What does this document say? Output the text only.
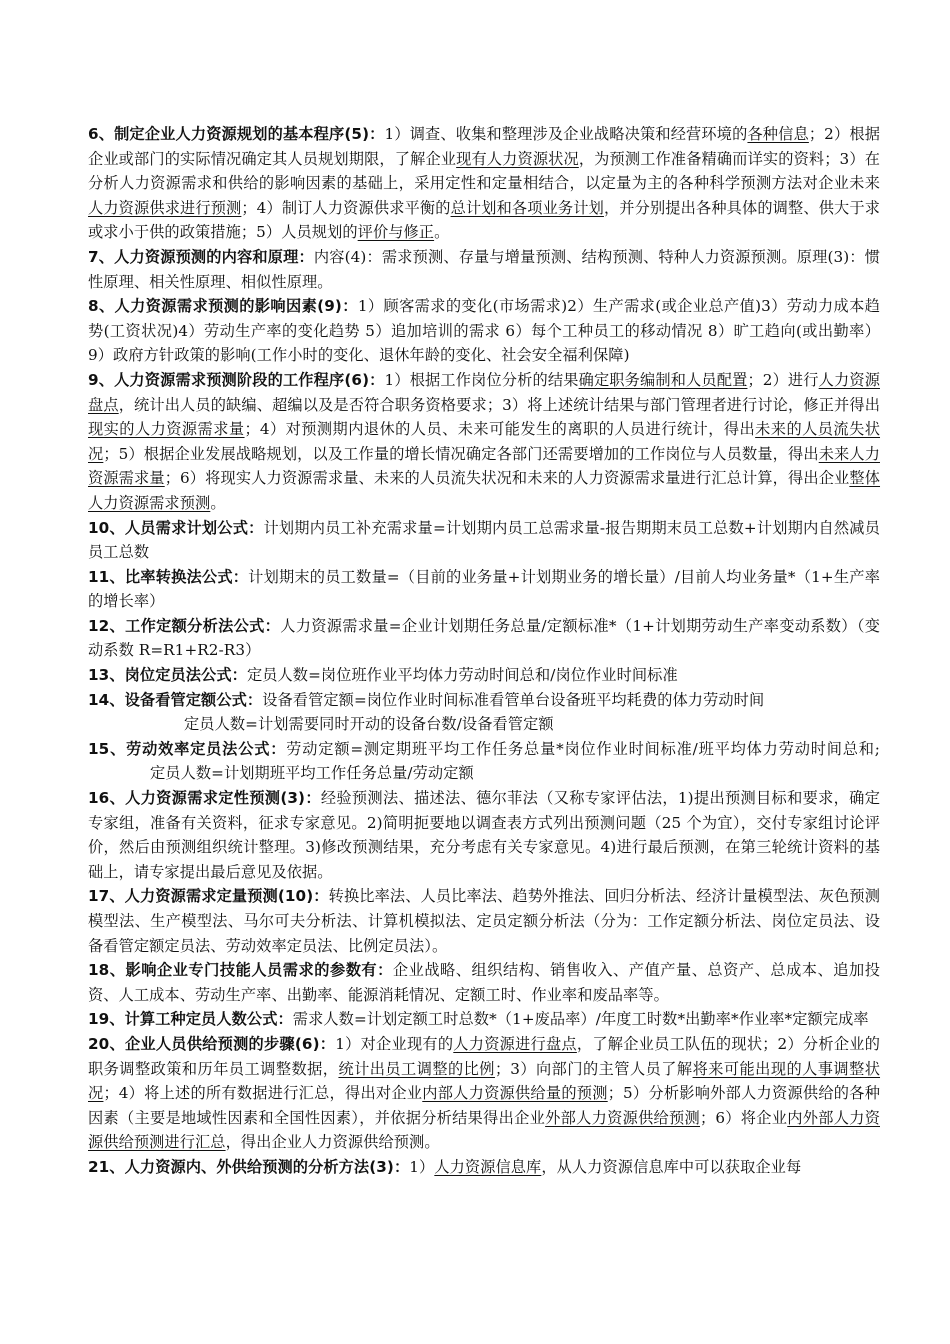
6、制定企业人力资源规划的基本程序(5)：1）调查、收集和整理涉及企业战略决策和经营环境的各种信息；2）根据企业或部门的实际情况确定其人员规划期限，了解企业现有人力资源状况，为预测工作准备精确而详实的资料；3）在分析人力资源需求和供给的影响因素的基础上，采用定性和定量相结合，以定量为主的各种科学预测方法对企业未来人力资源供求进行预测；4）制订人力资源供求平衡的总计划和各项业务计划，并分别提出各种具体的调整、供大于求或求小于供的政策措施；5）人员规划的评价与修正。

7、人力资源预测的内容和原理：内容(4)：需求预测、存量与增量预测、结构预测、特种人力资源预测。原理(3)：惯性原理、相关性原理、相似性原理。

8、人力资源需求预测的影响因素(9)：1）顾客需求的变化(市场需求)2）生产需求(或企业总产值)3）劳动力成本趋势(工资状况)4）劳动生产率的变化趋势 5）追加培训的需求 6）每个工种员工的移动情况 8）旷工趋向(或出勤率）9）政府方针政策的影响(工作小时的变化、退休年龄的变化、社会安全福利保障)

9、人力资源需求预测阶段的工作程序(6)：1）根据工作岗位分析的结果确定职务编制和人员配置；2）进行人力资源盘点，统计出人员的缺编、超编以及是否符合职务资格要求；3）将上述统计结果与部门管理者进行讨论，修正并得出现实的人力资源需求量；4）对预测期内退休的人员、未来可能发生的离职的人员进行统计，得出未来的人员流失状况；5）根据企业发展战略规划，以及工作量的增长情况确定各部门还需要增加的工作岗位与人员数量，得出未来人力资源需求量；6）将现实人力资源需求量、未来的人员流失状况和未来的人力资源需求量进行汇总计算，得出企业整体人力资源需求预测。

10、人员需求计划公式：计划期内员工补充需求量=计划期内员工总需求量-报告期期末员工总数+计划期内自然减员员工总数

11、比率转换法公式：计划期末的员工数量=（目前的业务量+计划期业务的增长量）/目前人均业务量*（1+生产率的增长率）

12、工作定额分析法公式：人力资源需求量=企业计划期任务总量/定额标准*（1+计划期劳动生产率变动系数）（变动系数 R=R1+R2-R3）

13、岗位定员法公式：定员人数=岗位班作业平均体力劳动时间总和/岗位作业时间标准

14、设备看管定额公式：设备看管定额=岗位作业时间标准看管单台设备班平均耗费的体力劳动时间
定员人数=计划需要同时开动的设备台数/设备看管定额

15、劳动效率定员法公式：劳动定额=测定期班平均工作任务总量*岗位作业时间标准/班平均体力劳动时间总和;定员人数=计划期班平均工作任务总量/劳动定额

16、人力资源需求定性预测(3)：经验预测法、描述法、德尔菲法（又称专家评估法，1)提出预测目标和要求，确定专家组，准备有关资料，征求专家意见。2)简明扼要地以调查表方式列出预测问题（25 个为宜），交付专家组讨论评价，然后由预测组织统计整理。3)修改预测结果，充分考虑有关专家意见。4)进行最后预测，在第三轮统计资料的基础上，请专家提出最后意见及依据。

17、人力资源需求定量预测(10)：转换比率法、人员比率法、趋势外推法、回归分析法、经济计量模型法、灰色预测模型法、生产模型法、马尔可夫分析法、计算机模拟法、定员定额分析法（分为：工作定额分析法、岗位定员法、设备看管定额定员法、劳动效率定员法、比例定员法）。

18、影响企业专门技能人员需求的参数有：企业战略、组织结构、销售收入、产值产量、总资产、总成本、追加投资、人工成本、劳动生产率、出勤率、能源消耗情况、定额工时、作业率和废品率等。

19、计算工种定员人数公式：需求人数=计划定额工时总数*（1+废品率）/年度工时数*出勤率*作业率*定额完成率

20、企业人员供给预测的步骤(6)：1）对企业现有的人力资源进行盘点，了解企业员工队伍的现状；2）分析企业的职务调整政策和历年员工调整数据，统计出员工调整的比例；3）向部门的主管人员了解将来可能出现的人事调整状况；4）将上述的所有数据进行汇总，得出对企业内部人力资源供给量的预测；5）分析影响外部人力资源供给的各种因素（主要是地域性因素和全国性因素），并依据分析结果得出企业外部人力资源供给预测；6）将企业内外部人力资源供给预测进行汇总，得出企业人力资源供给预测。

21、人力资源内、外供给预测的分析方法(3)：1）人力资源信息库，从人力资源信息库中可以获取企业每
